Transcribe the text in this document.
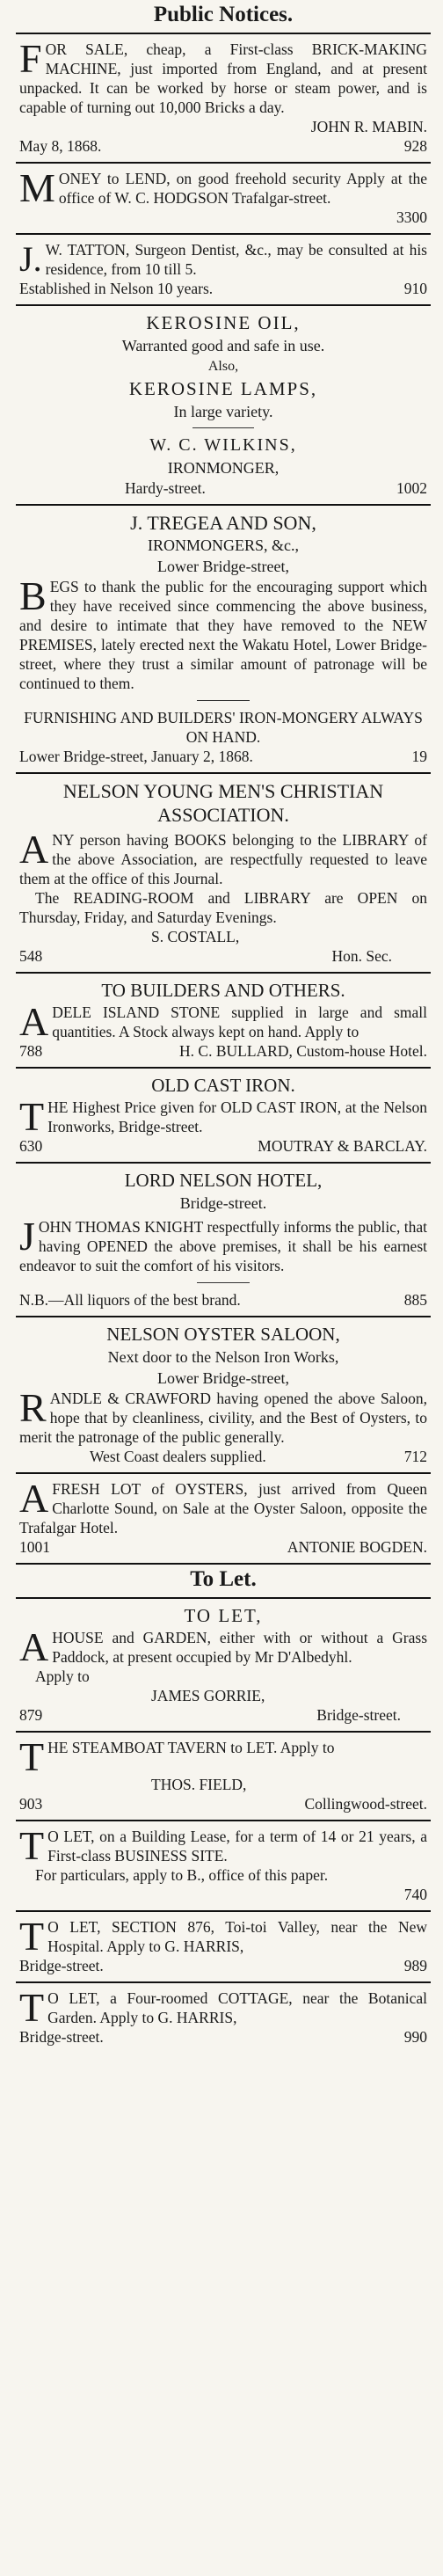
Public Notices.

FOR SALE, cheap, a First-class BRICK-MAKING MACHINE, just imported from England, and at present unpacked. It can be worked by horse or steam power, and is capable of turning out 10,000 Bricks a day.

JOHN R. MABIN.
May 8, 1868.	928

MONEY to LEND, on good freehold security Apply at the office of W. C. HODGSON Trafalgar-street.

3300

J. W. TATTON, Surgeon Dentist, &c., may be consulted at his residence, from 10 till 5.

Established in Nelson 10 years.	910
KEROSINE OIL,
Warranted good and safe in use.
Also,
KEROSINE LAMPS,
In large variety.
W. C. WILKINS,
IRONMONGER,
Hardy-street.	1002
J. TREGEA AND SON,
IRONMONGERS, &c.,
Lower Bridge-street,

BEGS to thank the public for the encouraging support which they have received since commencing the above business, and desire to intimate that they have removed to the NEW PREMISES, lately erected next the Wakatu Hotel, Lower Bridge-street, where they trust a similar amount of patronage will be continued to them.

FURNISHING AND BUILDERS' IRON-MONGERY ALWAYS ON HAND.

Lower Bridge-street, January 2, 1868.	19
NELSON YOUNG MEN'S CHRISTIAN ASSOCIATION.

ANY person having BOOKS belonging to the LIBRARY of the above Association, are respectfully requested to leave them at the office of this Journal.

The READING-ROOM and LIBRARY are OPEN on Thursday, Friday, and Saturday Evenings.

S. COSTALL,
548	Hon. Sec.
TO BUILDERS AND OTHERS.

ADELE ISLAND STONE supplied in large and small quantities. A Stock always kept on hand. Apply to

788	H. C. BULLARD, Custom-house Hotel.
OLD CAST IRON.

THE Highest Price given for OLD CAST IRON, at the Nelson Ironworks, Bridge-street.

630	MOUTRAY & BARCLAY.
LORD NELSON HOTEL,
Bridge-street.

JOHN THOMAS KNIGHT respectfully informs the public, that having OPENED the above premises, it shall be his earnest endeavor to suit the comfort of his visitors.

N.B.—All liquors of the best brand.	885
NELSON OYSTER SALOON,
Next door to the Nelson Iron Works,
Lower Bridge-street,

RANDLE & CRAWFORD having opened the above Saloon, hope that by cleanliness, civility, and the Best of Oysters, to merit the patronage of the public generally.

West Coast dealers supplied.	712

AFRESH LOT of OYSTERS, just arrived from Queen Charlotte Sound, on Sale at the Oyster Saloon, opposite the Trafalgar Hotel.

1001	ANTONIE BOGDEN.
To Let.
TO LET,

AHOUSE and GARDEN, either with or without a Grass Paddock, at present occupied by Mr D'Albedyhl.

Apply to
JAMES GORRIE,
879	Bridge-street.

THE STEAMBOAT TAVERN to LET. Apply to

THOS. FIELD,
903	Collingwood-street.

T O LET, on a Building Lease, for a term of 14 or 21 years, a First-class BUSINESS SITE.

For particulars, apply to B., office of this paper.

740

T O LET, SECTION 876, Toi-toi Valley, near the New Hospital. Apply to G. HARRIS,

Bridge-street.	989

T O LET, a Four-roomed COTTAGE, near the Botanical Garden. Apply to G. HARRIS,

Bridge-street.	990
